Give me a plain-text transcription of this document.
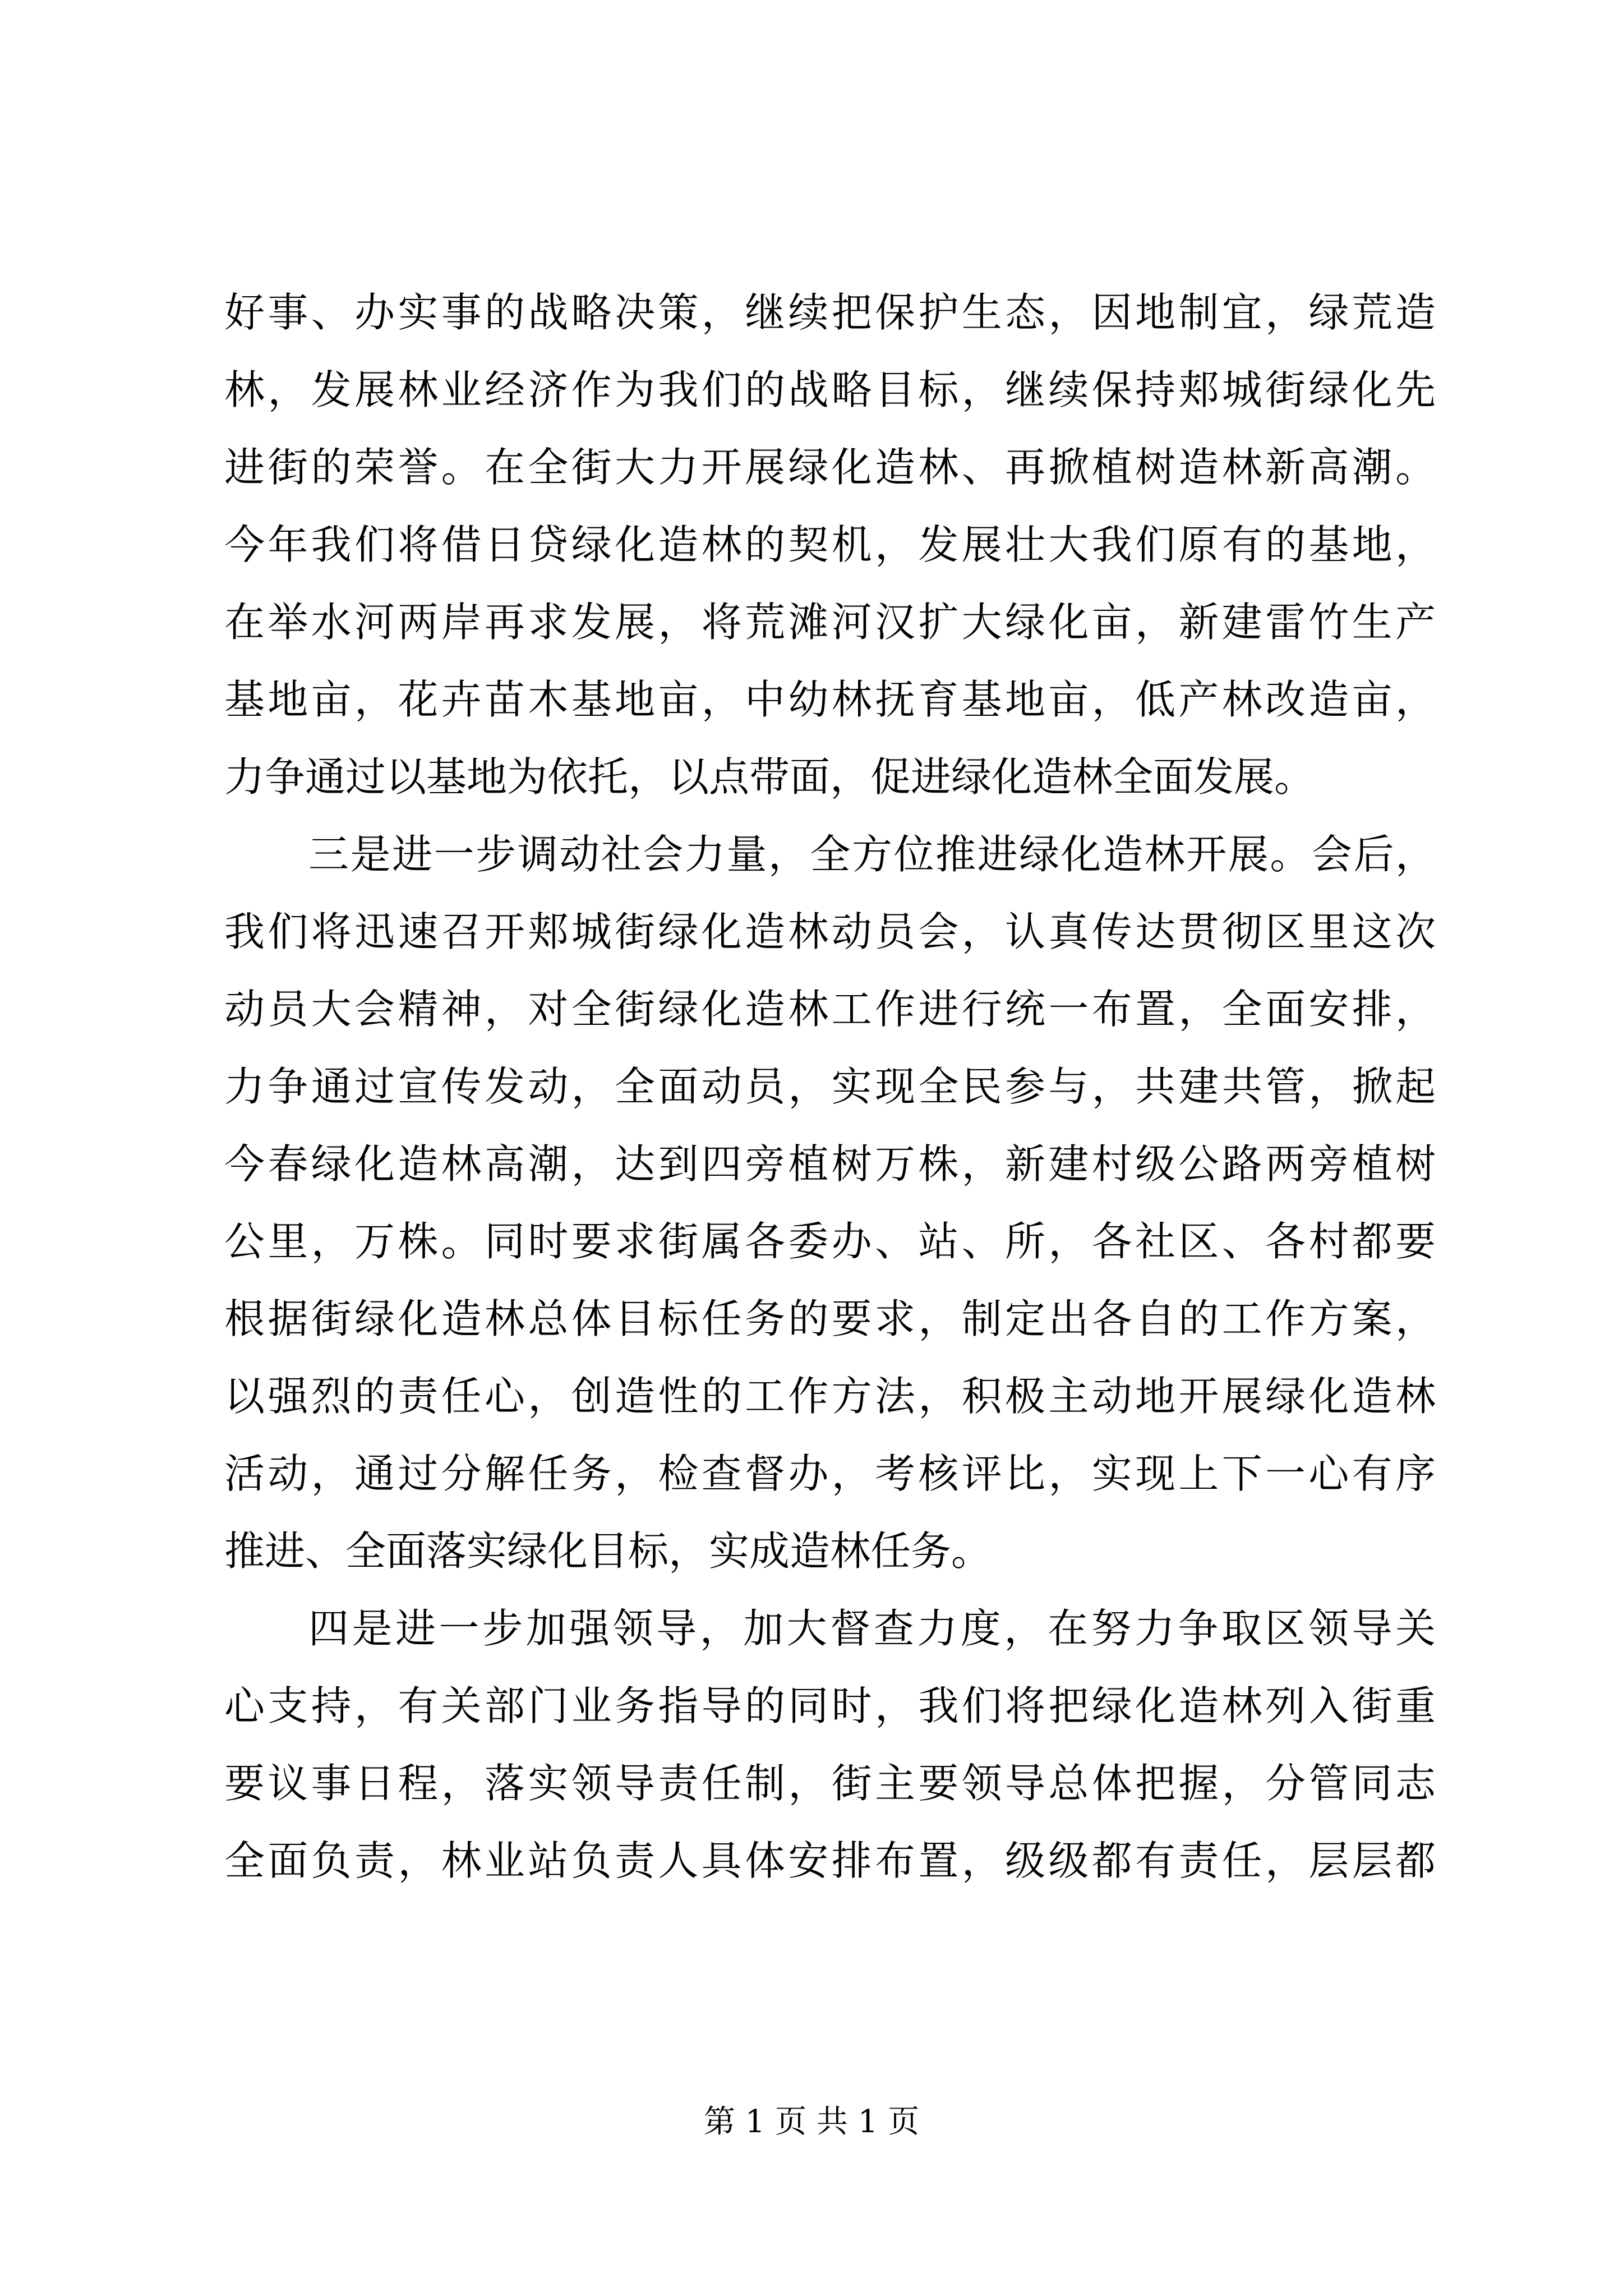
好事、办实事的战略决策，继续把保护生态，因地制宜，绿荒造
林，发展林业经济作为我们的战略目标，继续保持郏城街绿化先
进街的荣誉。在全街大力开展绿化造林、再掀植树造林新高潮。
今年我们将借日贷绿化造林的契机，发展壮大我们原有的基地，
在举水河两岸再求发展，将荒滩河汉扩大绿化亩，新建雷竹生产
基地亩，花卉苗木基地亩，中幼林抚育基地亩，低产林改造亩，
力争通过以基地为依托，以点带面，促进绿化造林全面发展。
三是进一步调动社会力量，全方位推进绿化造林开展。会后，
我们将迅速召开郏城街绿化造林动员会，认真传达贯彻区里这次
动员大会精神，对全街绿化造林工作进行统一布置，全面安排，
力争通过宣传发动，全面动员，实现全民参与，共建共管，掀起
今春绿化造林高潮，达到四旁植树万株，新建村级公路两旁植树
公里，万株。同时要求街属各委办、站、所，各社区、各村都要
根据街绿化造林总体目标任务的要求，制定出各自的工作方案，
以强烈的责任心，创造性的工作方法，积极主动地开展绿化造林
活动，通过分解任务，检查督办，考核评比，实现上下一心有序
推进、全面落实绿化目标，实成造林任务。
四是进一步加强领导，加大督查力度，在努力争取区领导关
心支持，有关部门业务指导的同时，我们将把绿化造林列入街重
要议事日程，落实领导责任制，街主要领导总体把握，分管同志
全面负责，林业站负责人具体安排布置，级级都有责任，层层都
第 1 页 共 1 页
